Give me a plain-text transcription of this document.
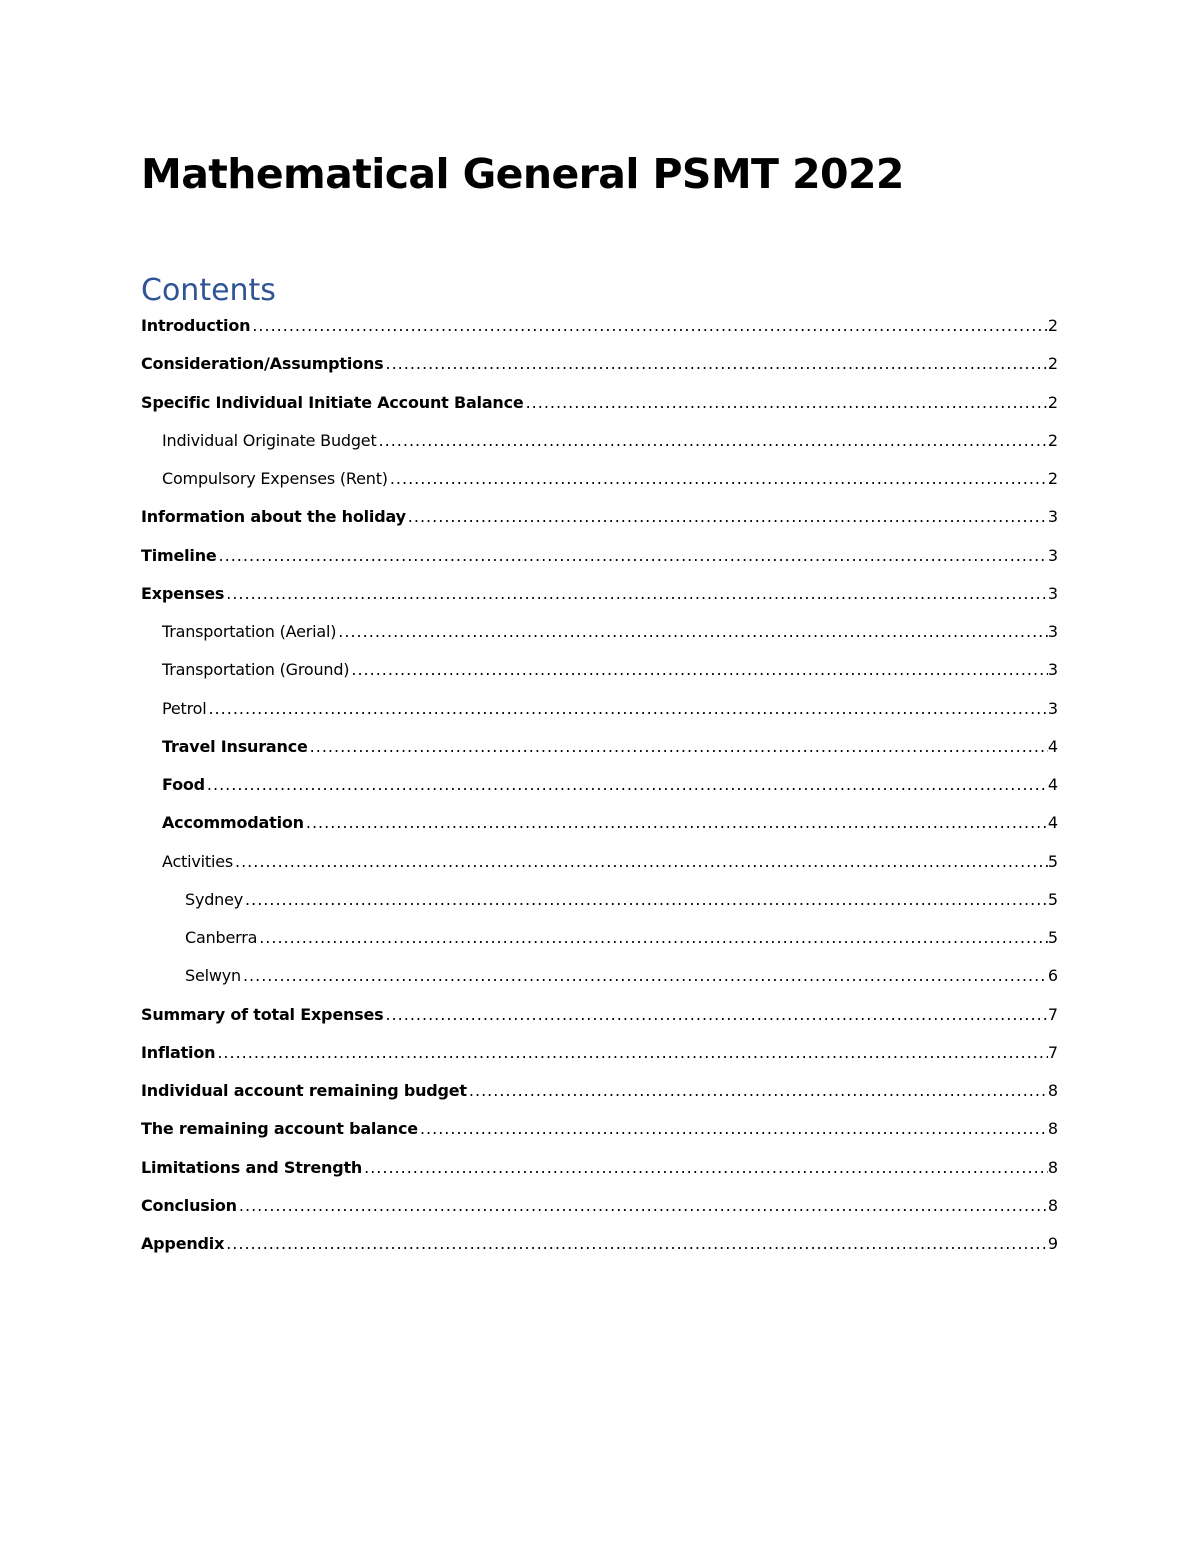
Mathematical General PSMT 2022
Contents
Introduction .....	2
Consideration/Assumptions .....	2
Specific Individual Initiate Account Balance .....	2
Individual Originate Budget .....	2
Compulsory Expenses (Rent) .....	2
Information about the holiday .....	3
Timeline .....	3
Expenses .....	3
Transportation (Aerial) .....	3
Transportation (Ground) .....	3
Petrol .....	3
Travel Insurance .....	4
Food .....	4
Accommodation .....	4
Activities .....	5
Sydney .....	5
Canberra .....	5
Selwyn .....	6
Summary of total Expenses .....	7
Inflation .....	7
Individual account remaining budget .....	8
The remaining account balance .....	8
Limitations and Strength .....	8
Conclusion .....	8
Appendix .....	9
